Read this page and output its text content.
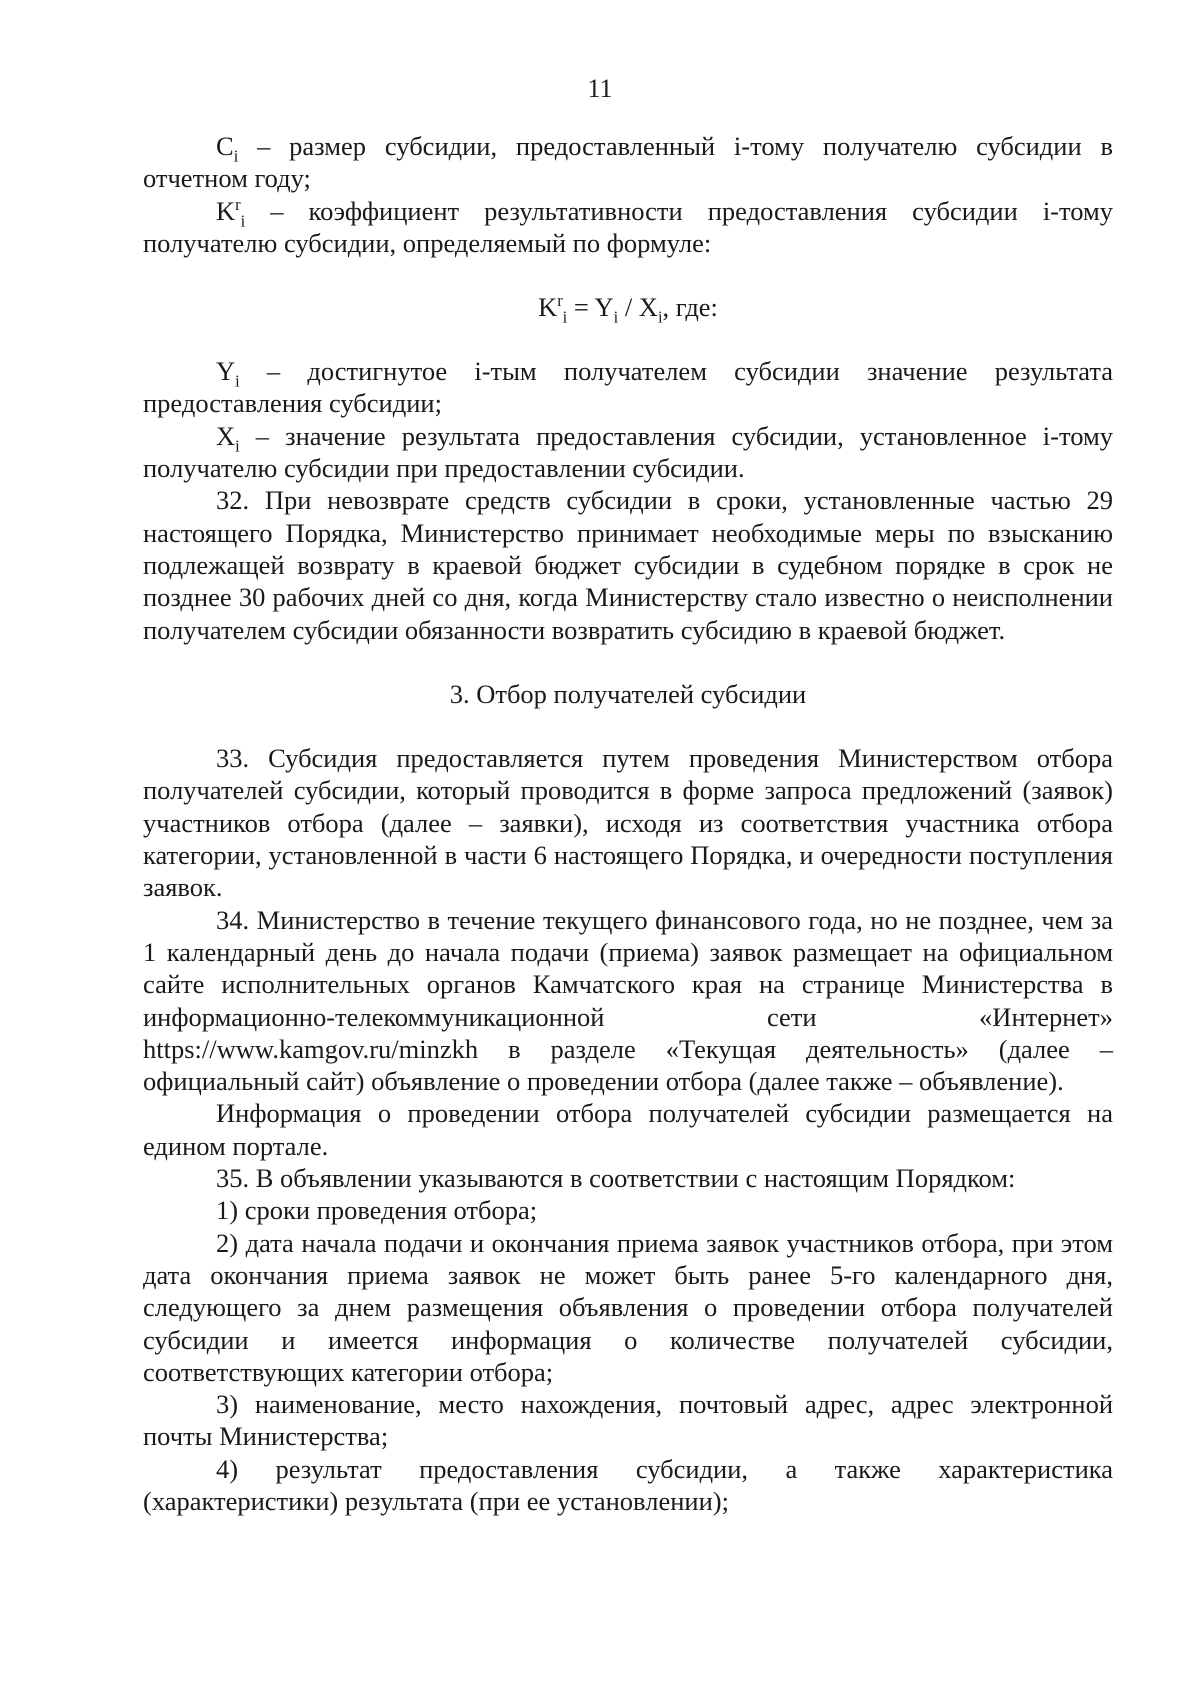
11

$C_i$ – размер субсидии, предоставленный i-тому получателю субсидии в отчетном году;

$K^r_i$ – коэффициент результативности предоставления субсидии i-тому получателю субсидии, определяемый по формуле:

$K^r_i = Y_i / X_i$, где:

$Y_i$ – достигнутое i-тым получателем субсидии значение результата предоставления субсидии;

$X_i$ – значение результата предоставления субсидии, установленное i-тому получателю субсидии при предоставлении субсидии.

32. При невозврате средств субсидии в сроки, установленные частью 29 настоящего Порядка, Министерство принимает необходимые меры по взысканию подлежащей возврату в краевой бюджет субсидии в судебном порядке в срок не позднее 30 рабочих дней со дня, когда Министерству стало известно о неисполнении получателем субсидии обязанности возвратить субсидию в краевой бюджет.

3. Отбор получателей субсидии

33. Субсидия предоставляется путем проведения Министерством отбора получателей субсидии, который проводится в форме запроса предложений (заявок) участников отбора (далее – заявки), исходя из соответствия участника отбора категории, установленной в части 6 настоящего Порядка, и очередности поступления заявок.

34. Министерство в течение текущего финансового года, но не позднее, чем за 1 календарный день до начала подачи (приема) заявок размещает на официальном сайте исполнительных органов Камчатского края на странице Министерства в информационно-телекоммуникационной сети «Интернет» https://www.kamgov.ru/minzkh в разделе «Текущая деятельность» (далее – официальный сайт) объявление о проведении отбора (далее также – объявление).

Информация о проведении отбора получателей субсидии размещается на едином портале.

35. В объявлении указываются в соответствии с настоящим Порядком:

1) сроки проведения отбора;

2) дата начала подачи и окончания приема заявок участников отбора, при этом дата окончания приема заявок не может быть ранее 5-го календарного дня, следующего за днем размещения объявления о проведении отбора получателей субсидии и имеется информация о количестве получателей субсидии, соответствующих категории отбора;

3) наименование, место нахождения, почтовый адрес, адрес электронной почты Министерства;

4) результат предоставления субсидии, а также характеристика (характеристики) результата (при ее установлении);
